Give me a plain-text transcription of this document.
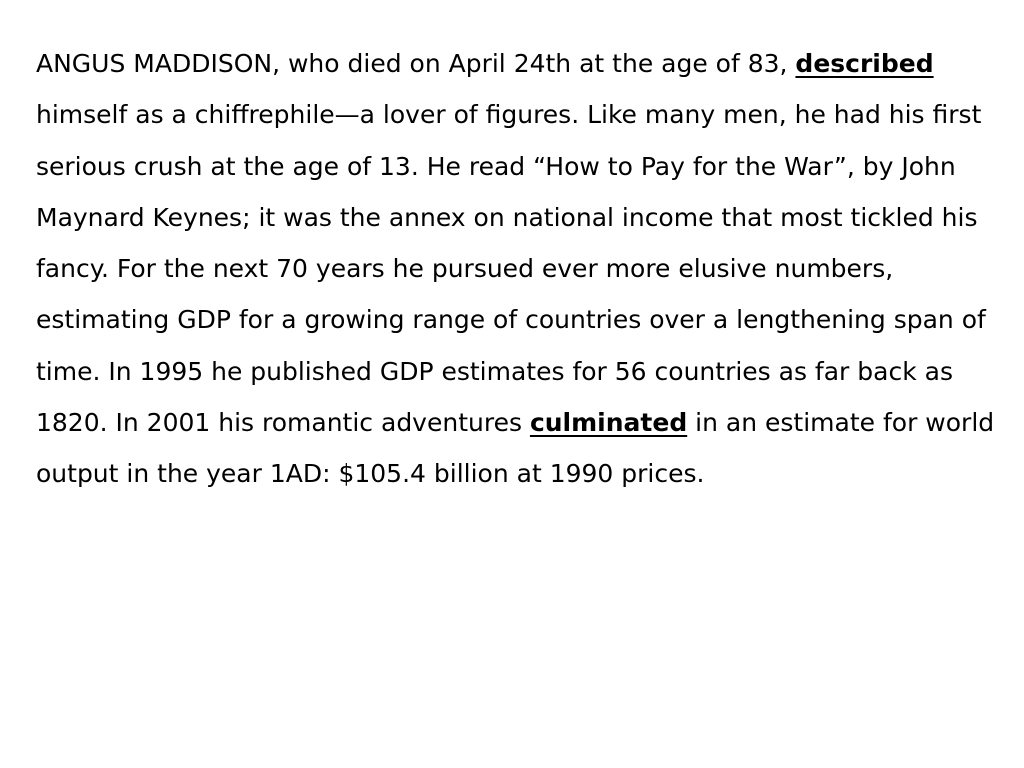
ANGUS MADDISON, who died on April 24th at the age of 83, described himself as a chiffrephile—a lover of figures. Like many men, he had his first serious crush at the age of 13. He read “How to Pay for the War”, by John Maynard Keynes; it was the annex on national income that most tickled his fancy. For the next 70 years he pursued ever more elusive numbers, estimating GDP for a growing range of countries over a lengthening span of time. In 1995 he published GDP estimates for 56 countries as far back as 1820. In 2001 his romantic adventures culminated in an estimate for world output in the year 1AD: $105.4 billion at 1990 prices.
